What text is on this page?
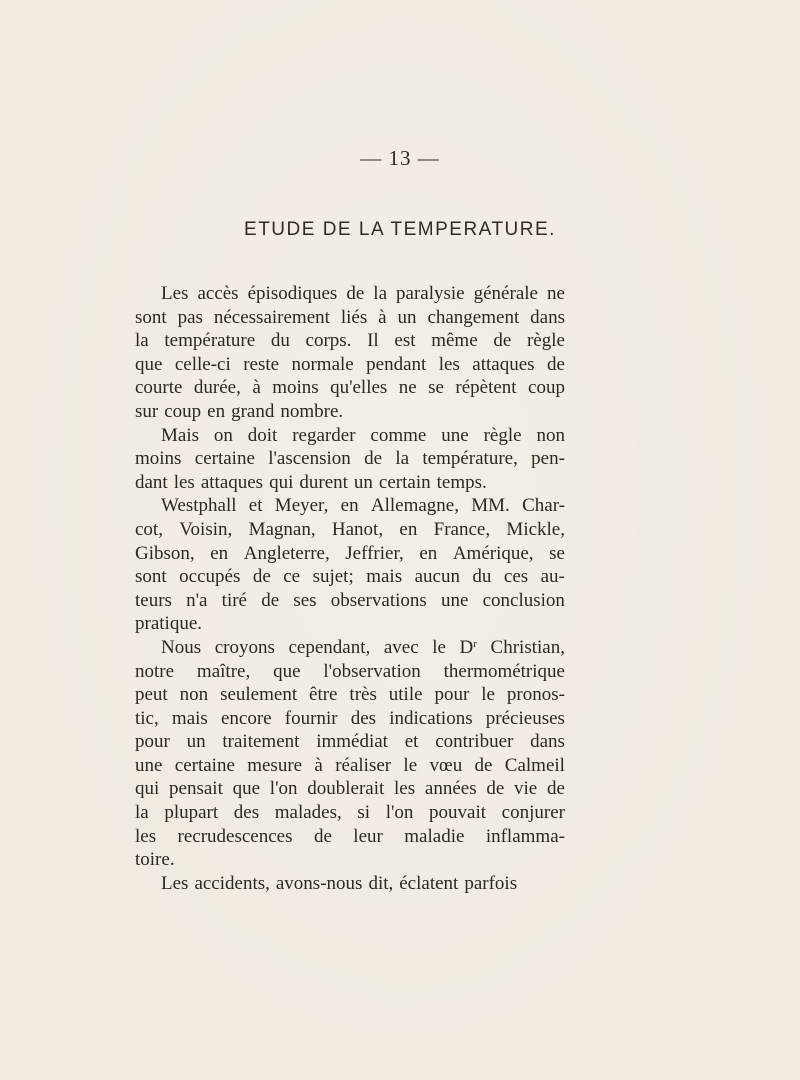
— 13 —
ETUDE DE LA TEMPERATURE.
Les accès épisodiques de la paralysie générale ne
sont pas nécessairement liés à un changement dans
la température du corps. Il est même de règle
que celle-ci reste normale pendant les attaques de
courte durée, à moins qu'elles ne se répètent coup
sur coup en grand nombre.
Mais on doit regarder comme une règle non
moins certaine l'ascension de la température, pen-
dant les attaques qui durent un certain temps.
Westphall et Meyer, en Allemagne, MM. Char-
cot, Voisin, Magnan, Hanot, en France, Mickle,
Gibson, en Angleterre, Jeffrier, en Amérique, se
sont occupés de ce sujet; mais aucun du ces au-
teurs n'a tiré de ses observations une conclusion
pratique.
Nous croyons cependant, avec le $D^r$ Christian,
notre maître, que l'observation thermométrique
peut non seulement être très utile pour le pronos-
tic, mais encore fournir des indications précieuses
pour un traitement immédiat et contribuer dans
une certaine mesure à réaliser le vœu de Calmeil
qui pensait que l'on doublerait les années de vie de
la plupart des malades, si l'on pouvait conjurer
les recrudescences de leur maladie inflamma-
toire.
Les accidents, avons-nous dit, éclatent parfois
